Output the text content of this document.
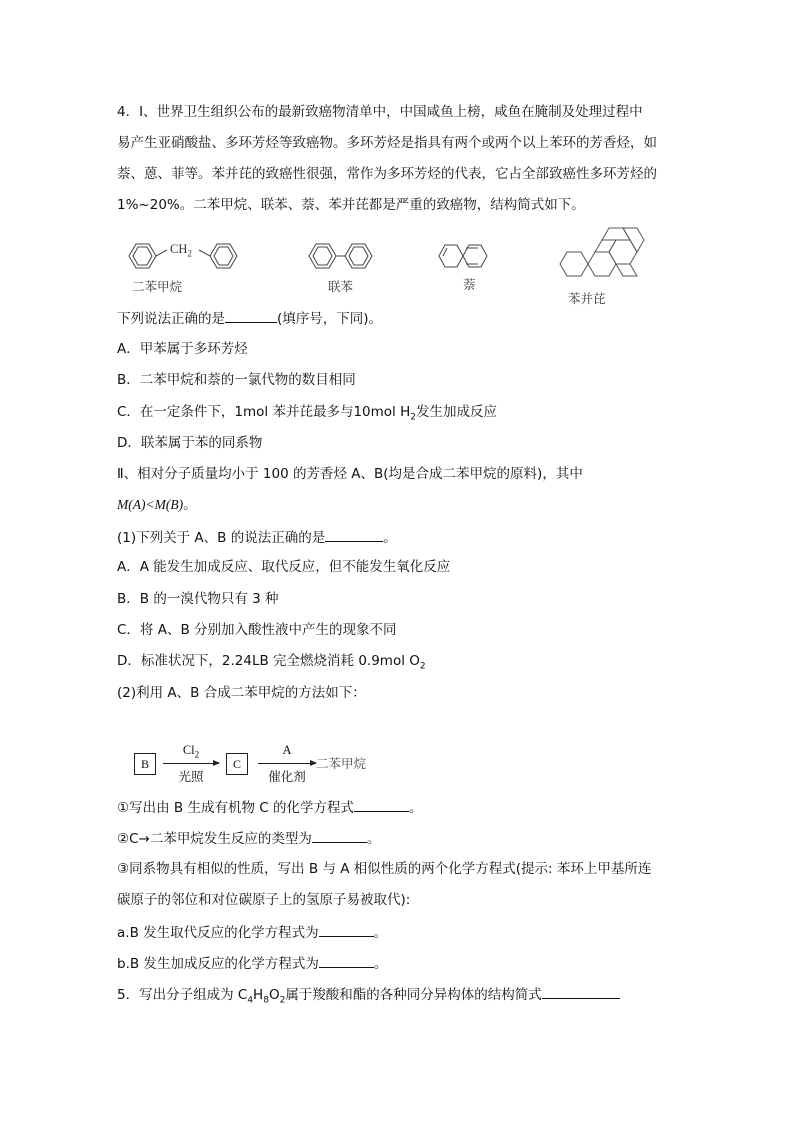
4．Ⅰ、世界卫生组织公布的最新致癌物清单中，中国咸鱼上榜，咸鱼在腌制及处理过程中
易产生亚硝酸盐、多环芳烃等致癌物。多环芳烃是指具有两个或两个以上苯环的芳香烃，如
萘、蒽、菲等。苯并芘的致癌性很强，常作为多环芳烃的代表，它占全部致癌性多环芳烃的
1%~20%。二苯甲烷、联苯、萘、苯并芘都是严重的致癌物，结构简式如下。
$CH_2$
二苯甲烷	联苯	萘
苯并芘
下列说法正确的是	(填序号，下同)。
A．甲苯属于多环芳烃
B．二苯甲烷和萘的一氯代物的数目相同
C．在一定条件下，1mol 苯并芘最多与10mol $H_2$发生加成反应
D．联苯属于苯的同系物
Ⅱ、相对分子质量均小于 100 的芳香烃 A、B(均是合成二苯甲烷的原料)，其中
M(A)<M(B)。
(1)下列关于 A、B 的说法正确的是	。
A．A 能发生加成反应、取代反应，但不能发生氧化反应
B．B 的一溴代物只有 3 种
C．将 A、B 分别加入酸性液中产生的现象不同
D．标准状况下，2.24LB 完全燃烧消耗 0.9mol $O_2$
(2)利用 A、B 合成二苯甲烷的方法如下：
B
$Cl_2$
光照
C
A
催化剂
二苯甲烷
①写出由 B 生成有机物 C 的化学方程式	。
②C→二苯甲烷发生反应的类型为	。
③同系物具有相似的性质，写出 B 与 A 相似性质的两个化学方程式(提示: 苯环上甲基所连
碳原子的邻位和对位碳原子上的氢原子易被取代):
a.B 发生取代反应的化学方程式为	。
b.B 发生加成反应的化学方程式为	。
5．写出分子组成为 $C_4H_8O_2$属于羧酸和酯的各种同分异构体的结构简式
